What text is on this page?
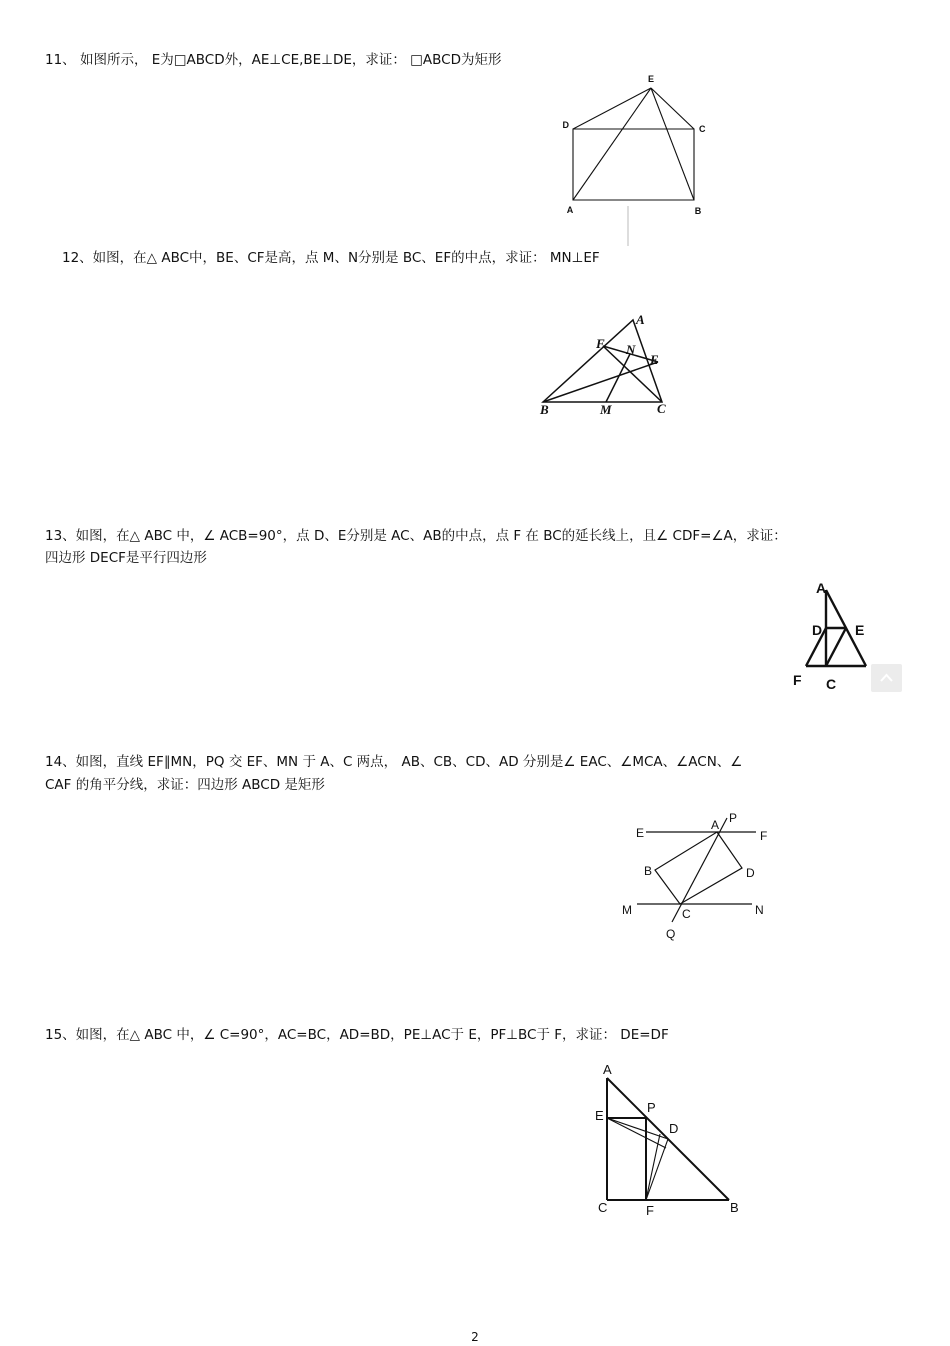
11、 如图所示， E为□ABCD外，AE⊥CE,BE⊥DE，求证： □ABCD为矩形
E
D	C
A	B
12、如图，在△ ABC中，BE、CF是高，点 M、N分别是 BC、EF的中点，求证： MN⊥EF
A
F N
E
B	M	C
13、如图，在△ ABC 中，∠ ACB=90°，点 D、E分别是 AC、AB的中点，点 F 在 BC的延长线上，且∠ CDF=∠A，求证：
四边形 DECF是平行四边形
A
D E
F C
14、如图，直线 EF∥MN，PQ 交 EF、MN 于 A、C 两点， AB、CB、CD、AD 分别是∠ EAC、∠MCA、∠ACN、∠
CAF 的角平分线，求证：四边形 ABCD 是矩形
P
A
E	F
B	D
M	C	N
Q
15、如图，在△ ABC 中，∠ C=90°，AC=BC，AD=BD，PE⊥AC于 E，PF⊥BC于 F，求证： DE=DF
A
E
P
D
C	F	B
2
